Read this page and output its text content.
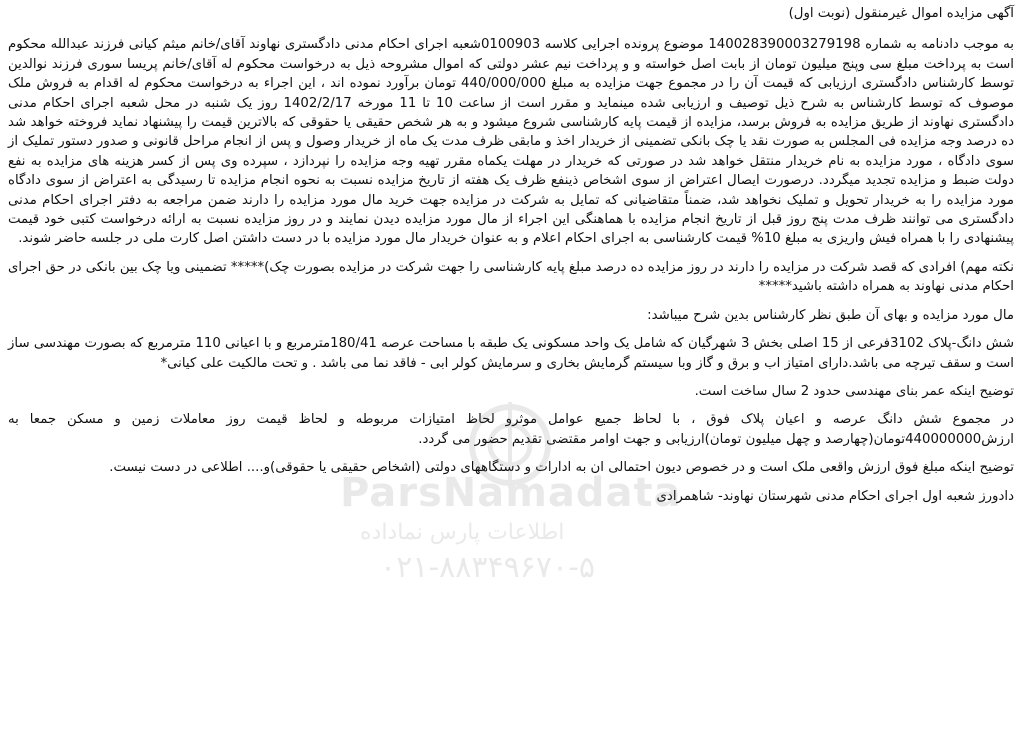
آگهی مزایده اموال غیرمنقول (نوبت اول)

به موجب دادنامه به شماره 140028390003279198 موضوع پرونده اجرایی کلاسه 0100903شعبه اجرای احکام مدنی دادگستری نهاوند آقای/خانم میثم کیانی فرزند عبدالله محکوم است به پرداخت مبلغ سی وپنج میلیون تومان از بابت اصل خواسته و و پرداخت نیم عشر دولتی که اموال مشروحه ذیل به درخواست محکوم له آقای/خانم پریسا سوری فرزند نوالدین توسط کارشناس دادگستری ارزیابی که قیمت آن را در مجموع جهت مزایده به مبلغ 440/000/000 تومان برآورد نموده اند ، این اجراء به درخواست محکوم له اقدام به فروش ملک موصوف که توسط کارشناس به شرح ذیل توصیف و ارزیابی شده مینماید و مقرر است از ساعت 10 تا 11 مورخه 1402/2/17 روز یک شنبه در محل شعبه اجرای احکام مدنی دادگستری نهاوند از طریق مزایده به فروش برسد، مزایده از قیمت پایه کارشناسی شروع میشود و به هر شخص حقیقی یا حقوقی که بالاترین قیمت را پیشنهاد نماید فروخته خواهد شد ده درصد وجه مزایده فی المجلس به صورت نقد یا چک بانکی تضمینی از خریدار اخذ و مابقی ظرف مدت یک ماه از خریدار وصول و پس از انجام مراحل قانونی و صدور دستور تملیک از سوی دادگاه ، مورد مزایده به نام خریدار منتقل خواهد شد در صورتی که خریدار در مهلت یکماه مقرر تهیه وجه مزایده را نپردازد ، سپرده وی پس از کسر هزینه های مزایده به نفع دولت ضبط و مزایده تجدید میگردد. درصورت ایصال اعتراض از سوی اشخاص ذینفع ظرف یک هفته از تاریخ مزایده نسبت به نحوه انجام مزایده تا رسیدگی به اعتراض از سوی دادگاه مورد مزایده را به خریدار تحویل و تملیک نخواهد شد، ضمناً متقاضیانی که تمایل به شرکت در مزایده جهت خرید مال مورد مزایده را دارند ضمن مراجعه به دفتر اجرای احکام مدنی دادگستری می توانند ظرف مدت پنج روز قبل از تاریخ انجام مزایده با هماهنگی این اجراء از مال مورد مزایده دیدن نمایند و در روز مزایده نسبت به ارائه درخواست کتبی خود قیمت پیشنهادی را با همراه فیش واریزی به مبلغ 10% قیمت کارشناسی به اجرای احکام اعلام و به عنوان خریدار مال مورد مزایده با در دست داشتن اصل کارت ملی در جلسه حاضر شوند.

نکته مهم) افرادی که قصد شرکت در مزایده را دارند در روز مزایده ده درصد مبلغ پایه کارشناسی را جهت شرکت در مزایده بصورت چک)***** تضمینی ویا چک بین بانکی در حق اجرای احکام مدنی نهاوند به همراه داشته باشید*****

مال مورد مزایده و بهای آن طبق نظر کارشناس بدین شرح میباشد:

شش دانگ-پلاک 3102فرعی از 15 اصلی بخش 3 شهرگیان که شامل یک واحد مسکونی یک طبقه با مساحت عرصه 180/41مترمربع و با اعیانی 110 مترمربع که بصورت مهندسی ساز است و سقف تیرچه می باشد.دارای امتیاز اب و برق و گاز وبا سیستم گرمایش بخاری و سرمایش کولر ابی - فاقد نما می باشد . و تحت مالکیت علی کیانی*

توضیح اینکه عمر بنای مهندسی حدود 2 سال ساخت است.

در مجموع شش دانگ عرصه و اعیان پلاک فوق ، با لحاظ جمیع عوامل موثرو لحاظ امتیازات مربوطه و لحاظ قیمت روز معاملات زمین و مسکن جمعا به ارزش440000000تومان(چهارصد و چهل میلیون تومان)ارزیابی و جهت اوامر مقتضی تقدیم حضور می گردد.

توضیح اینکه مبلغ فوق ارزش واقعی ملک است و در خصوص دیون احتمالی ان به ادارات و دستگاههای دولتی (اشخاص حقیقی یا حقوقی)و.... اطلاعی در دست نیست.

دادورز شعبه اول اجرای احکام مدنی شهرستان نهاوند- شاهمرادی

ParsNamadata
اطلاعات پارس نماداده
۰۲۱-۸۸۳۴۹۶۷۰-۵
